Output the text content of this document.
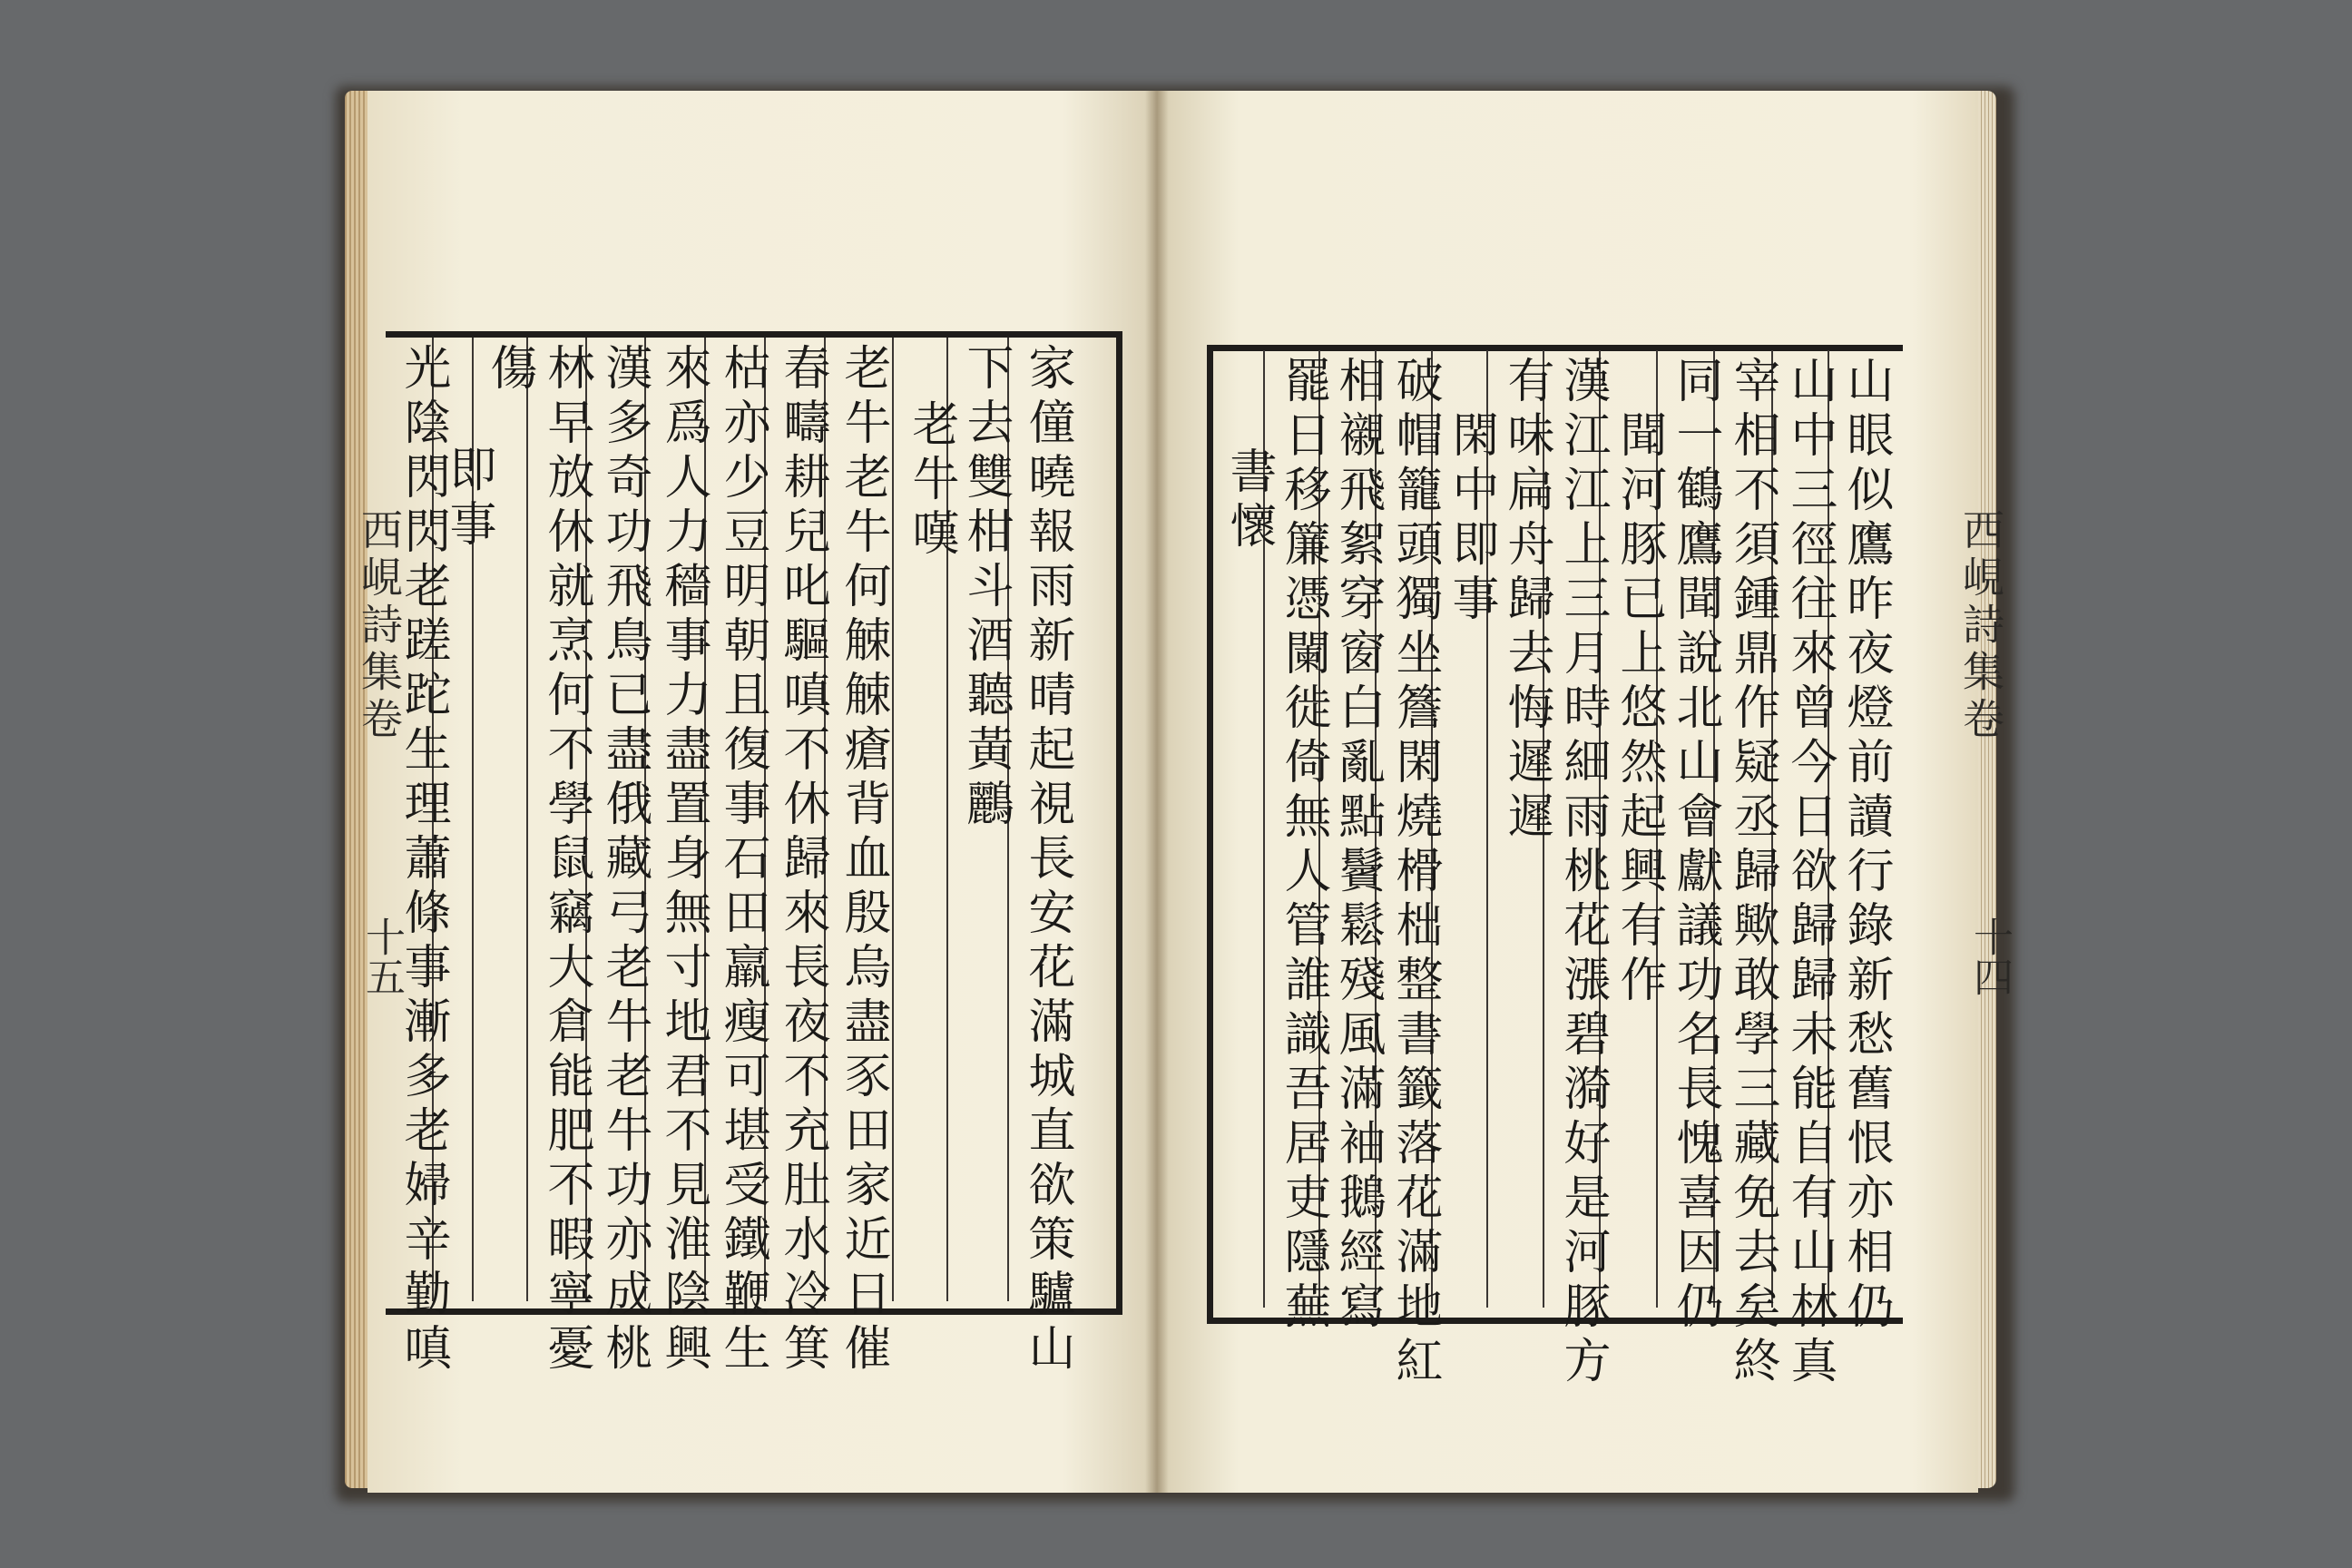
西峴詩集卷
十五	家僮曉報雨新晴起視長安花滿城直欲策驢山
下去雙柑斗酒聽黃鸝
老牛嘆
老牛老牛何觫觫瘡背血殷烏盡豕田家近日催
春疇耕兒叱驅嗔不休歸來長夜不充肚水冷箕
枯亦少豆明朝且復事石田羸瘦可堪受鐵鞭生
來爲人力穡事力盡置身無寸地君不見淮陰興
漢多奇功飛鳥已盡俄藏弓老牛老牛功亦成桃
林早放休就烹何不學鼠竊大倉能肥不暇寧憂
傷
即事
光陰閃閃老蹉跎生理蕭條事漸多老婦辛勤嗔	西峴詩集卷
十四
山眼似鷹昨夜燈前讀行錄新愁舊恨亦相仍
山中三徑往來曾今日欲歸歸未能自有山林真
宰相不須鍾鼎作疑丞歸歟敢學三藏免去矣終
同一鶴鷹聞說北山會獻議功名長愧喜因仍
聞河豚已上悠然起興有作
漢江江上三月時細雨桃花漲碧漪好是河豚方
有味扁舟歸去悔遲遲
閑中即事
破帽籠頭獨坐簷閑燒榾柮整書籤落花滿地紅
相襯飛絮穿窗白亂點鬢鬆殘風滿袖鵝經寫
罷日移簾憑闌徙倚無人管誰識吾居吏隱蕪
書懷
